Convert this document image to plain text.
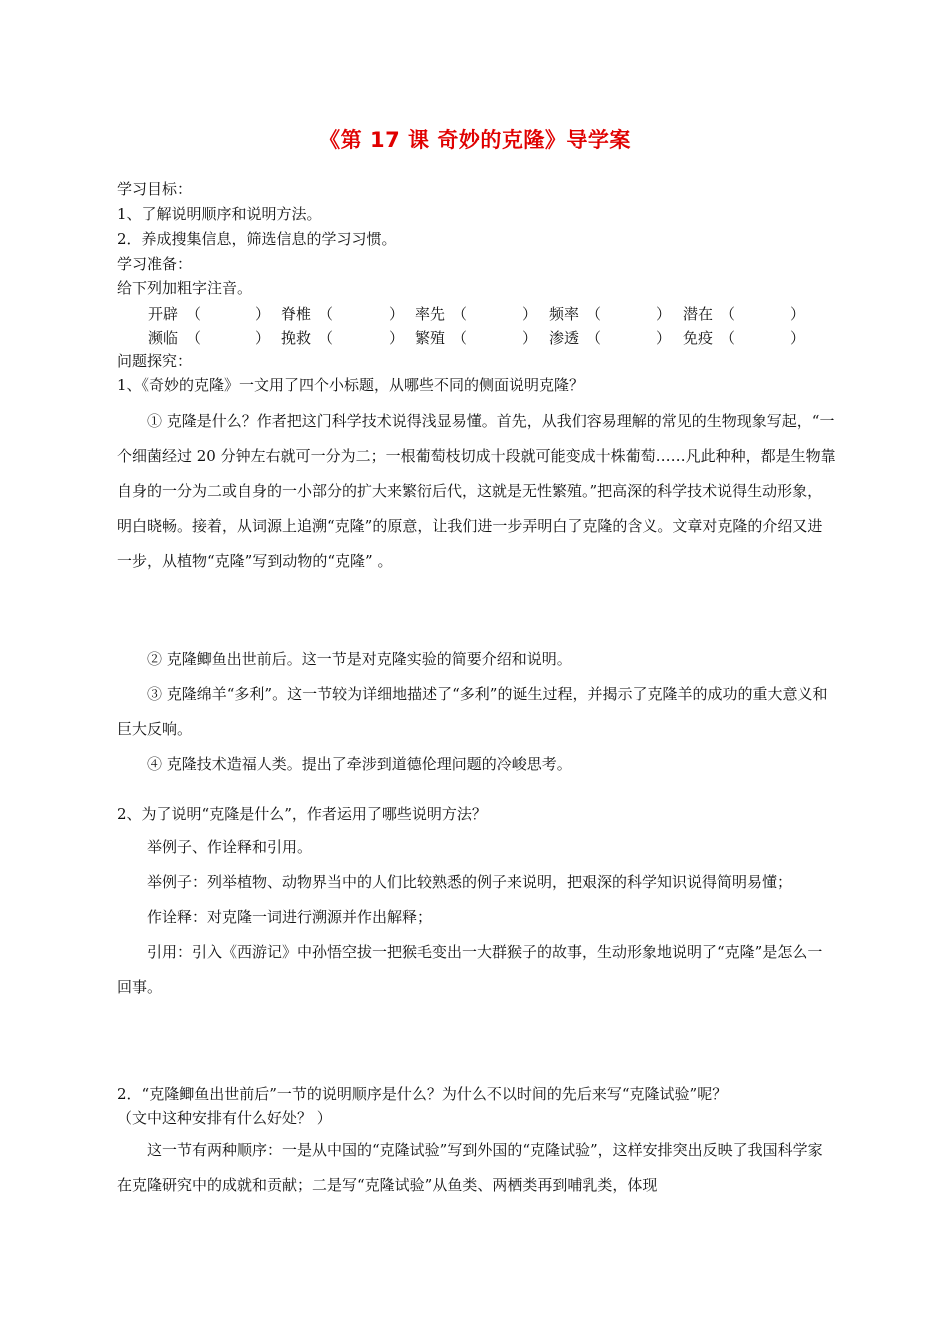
《第 17 课 奇妙的克隆》导学案
学习目标：
1、了解说明顺序和说明方法。
2．养成搜集信息，筛选信息的学习习惯。
学习准备：
给下列加粗字注音。
开辟 （	） 脊椎 （	） 率先 （	） 频率 （	） 潜在 （	）
濒临 （	） 挽救 （	） 繁殖 （	） 渗透 （	） 免疫 （	）
问题探究：
1、《奇妙的克隆》一文用了四个小标题，从哪些不同的侧面说明克隆？

① 克隆是什么？作者把这门科学技术说得浅显易懂。首先，从我们容易理解的常见的生物现象写起，“一个细菌经过 20 分钟左右就可一分为二；一根葡萄枝切成十段就可能变成十株葡萄……凡此种种，都是生物靠自身的一分为二或自身的一小部分的扩大来繁衍后代，这就是无性繁殖。”把高深的科学技术说得生动形象，明白晓畅。接着，从词源上追溯“克隆”的原意，让我们进一步弄明白了克隆的含义。文章对克隆的介绍又进一步，从植物“克隆”写到动物的“克隆” 。

② 克隆鲫鱼出世前后。这一节是对克隆实验的简要介绍和说明。

③ 克隆绵羊“多利”。这一节较为详细地描述了“多利”的诞生过程，并揭示了克隆羊的成功的重大意义和巨大反响。

④ 克隆技术造福人类。提出了牵涉到道德伦理问题的冷峻思考。

2、为了说明“克隆是什么”，作者运用了哪些说明方法？

举例子、作诠释和引用。

举例子：列举植物、动物界当中的人们比较熟悉的例子来说明，把艰深的科学知识说得简明易懂；

作诠释：对克隆一词进行溯源并作出解释；

引用：引入《西游记》中孙悟空拔一把猴毛变出一大群猴子的故事，生动形象地说明了“克隆”是怎么一回事。

2．“克隆鲫鱼出世前后”一节的说明顺序是什么？为什么不以时间的先后来写“克隆试验”呢？
（文中这种安排有什么好处？ ）

这一节有两种顺序：一是从中国的“克隆试验”写到外国的“克隆试验”，这样安排突出反映了我国科学家在克隆研究中的成就和贡献；二是写“克隆试验”从鱼类、两栖类再到哺乳类，体现
